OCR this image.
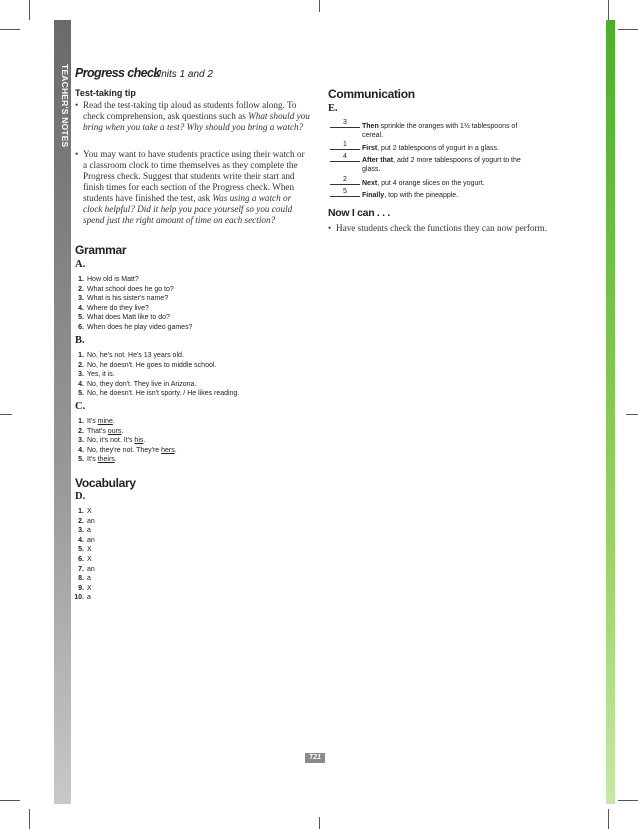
TEACHER'S NOTES Progress check
Units 1 and 2
Test-taking tip
• Read the test-taking tip aloud as students follow along. To check comprehension, ask questions such as What should you bring when you take a test? Why should you bring a watch?
• You may want to have students practice using their watch or a classroom clock to time themselves as they complete the Progress check. Suggest that students write their start and finish times for each section of the Progress check. When students have finished the test, ask Was using a watch or clock helpful? Did it help you pace yourself so you could spend just the right amount of time on each section?
Grammar
A.
1. How old is Matt?
2. What school does he go to?
3. What is his sister's name?
4. Where do they live?
5. What does Matt like to do?
6. When does he play video games?
B.
1. No, he's not. He's 13 years old.
2. No, he doesn't. He goes to middle school.
3. Yes, it is.
4. No, they don't. They live in Arizona.
5. No, he doesn't. He isn't sporty. / He likes reading.
C.
1. It's mine.
2. That's ours.
3. No, it's not. It's his.
4. No, they're not. They're hers.
5. It's theirs.
Vocabulary
D.
1. X
2. an
3. a
4. an
5. X
6. X
7. an
8. a
9. X
10. a
Communication
E.
3
Then sprinkle the oranges with 1½ tablespoons of
cereal.
1
First, put 2 tablespoons of yogurt in a glass.
4
After that, add 2 more tablespoons of yogurt to the
glass.
2
Next, put 4 orange slices on the yogurt.
5
Finally, top with the pineapple.
Now I can . . .
• Have students check the functions they can now perform.
T21
